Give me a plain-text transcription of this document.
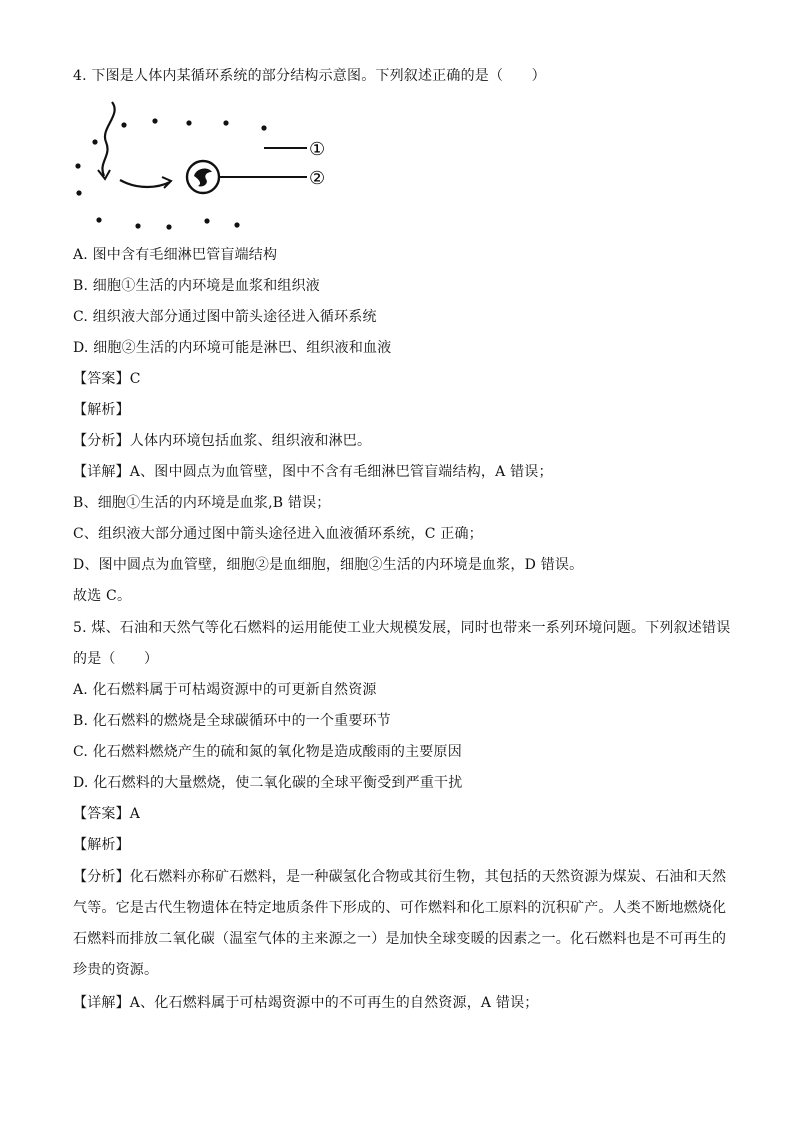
4. 下图是人体内某循环系统的部分结构示意图。下列叙述正确的是（　　）
①
②
A. 图中含有毛细淋巴管盲端结构
B. 细胞①生活的内环境是血浆和组织液
C. 组织液大部分通过图中箭头途径进入循环系统
D. 细胞②生活的内环境可能是淋巴、组织液和血液
【答案】C
【解析】
【分析】人体内环境包括血浆、组织液和淋巴。
【详解】A、图中圆点为血管壁，图中不含有毛细淋巴管盲端结构，A 错误；
B、细胞①生活的内环境是血浆,B 错误；
C、组织液大部分通过图中箭头途径进入血液循环系统，C 正确；
D、图中圆点为血管壁，细胞②是血细胞，细胞②生活的内环境是血浆，D 错误。
故选 C。
5. 煤、石油和天然气等化石燃料的运用能使工业大规模发展，同时也带来一系列环境问题。下列叙述错误
的是（　　）
A. 化石燃料属于可枯竭资源中的可更新自然资源
B. 化石燃料的燃烧是全球碳循环中的一个重要环节
C. 化石燃料燃烧产生的硫和氮的氧化物是造成酸雨的主要原因
D. 化石燃料的大量燃烧，使二氧化碳的全球平衡受到严重干扰
【答案】A
【解析】
【分析】化石燃料亦称矿石燃料，是一种碳氢化合物或其衍生物，其包括的天然资源为煤炭、石油和天然
气等。它是古代生物遗体在特定地质条件下形成的、可作燃料和化工原料的沉积矿产。人类不断地燃烧化
石燃料而排放二氧化碳（温室气体的主来源之一）是加快全球变暖的因素之一。化石燃料也是不可再生的
珍贵的资源。
【详解】A、化石燃料属于可枯竭资源中的不可再生的自然资源，A 错误；
